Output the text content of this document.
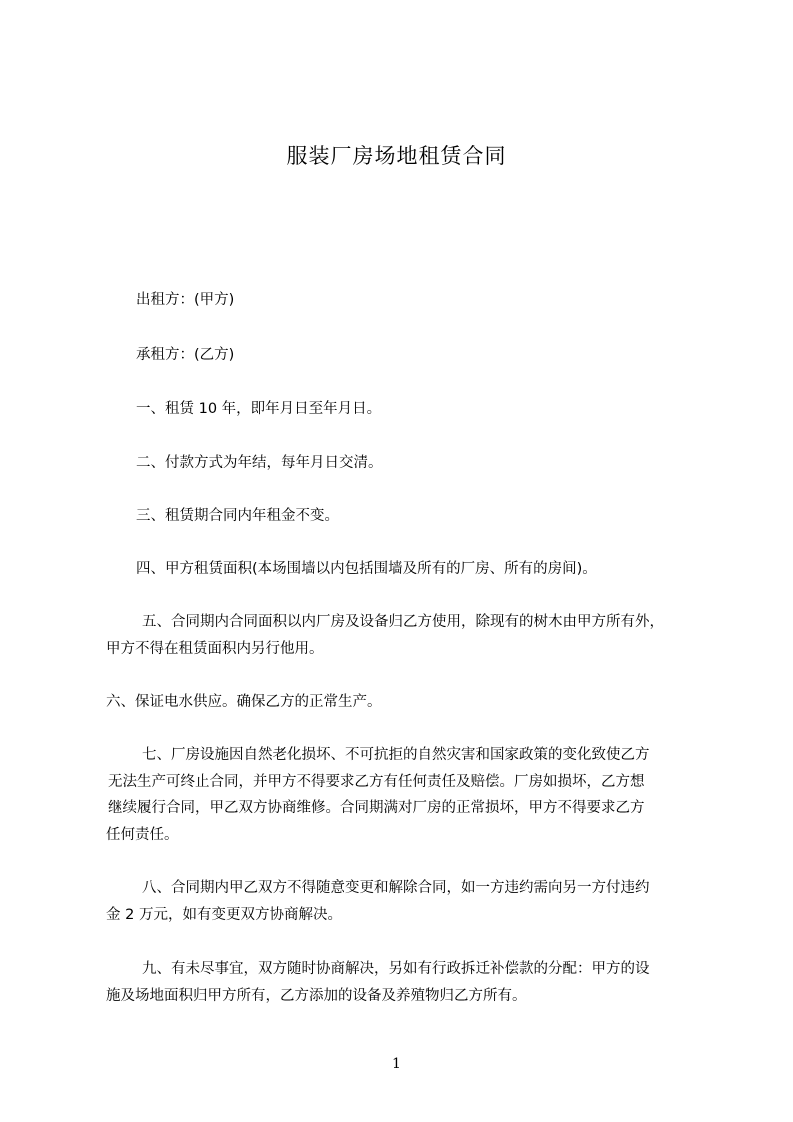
服装厂房场地租赁合同
出租方：(甲方)
承租方：(乙方)
一、租赁 10 年，即年月日至年月日。
二、付款方式为年结，每年月日交清。
三、租赁期合同内年租金不变。
四、甲方租赁面积(本场围墙以内包括围墙及所有的厂房、所有的房间)。
五、合同期内合同面积以内厂房及设备归乙方使用，除现有的树木由甲方所有外，
甲方不得在租赁面积内另行他用。
六、保证电水供应。确保乙方的正常生产。
七、厂房设施因自然老化损坏、不可抗拒的自然灾害和国家政策的变化致使乙方
无法生产可终止合同，并甲方不得要求乙方有任何责任及赔偿。厂房如损坏，乙方想
继续履行合同，甲乙双方协商维修。合同期满对厂房的正常损坏，甲方不得要求乙方
任何责任。
八、合同期内甲乙双方不得随意变更和解除合同，如一方违约需向另一方付违约
金 2 万元，如有变更双方协商解决。
九、有未尽事宜，双方随时协商解决，另如有行政拆迁补偿款的分配：甲方的设
施及场地面积归甲方所有，乙方添加的设备及养殖物归乙方所有。
1
